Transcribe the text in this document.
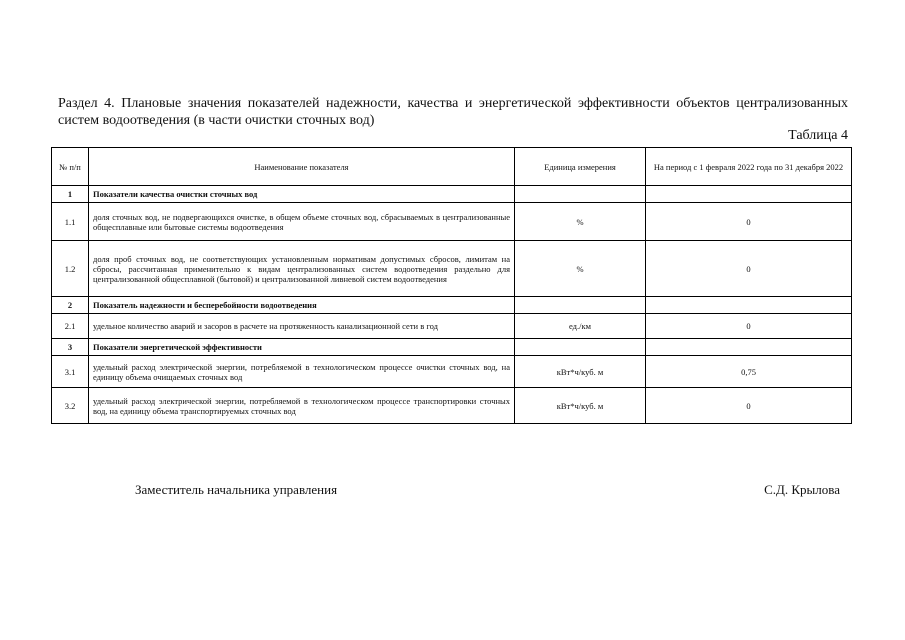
Раздел 4. Плановые значения показателей надежности, качества и энергетической эффективности объектов централизованных систем водоотведения (в части очистки сточных вод)
Таблица 4
№ п/п	Наименование показателя	Единица измерения	На период с 1 февраля 2022 года по 31 декабря 2022
1	Показатели качества очистки сточных вод		
1.1	доля сточных вод, не подвергающихся очистке, в общем объеме сточных вод, сбрасываемых в централизованные общесплавные или бытовые системы водоотведения	%	0
1.2	доля проб сточных вод, не соответствующих установленным нормативам допустимых сбросов, лимитам на сбросы, рассчитанная применительно к видам централизованных систем водоотведения раздельно для централизованной общесплавной (бытовой) и централизованной ливневой систем водоотведения	%	0
2	Показатель надежности и бесперебойности водоотведения		
2.1	удельное количество аварий и засоров в расчете на протяженность канализационной сети в год	ед./км	0
3	Показатели энергетической эффективности		
3.1	удельный расход электрической энергии, потребляемой в технологическом процессе очистки сточных вод, на единицу объема очищаемых сточных вод	кВт*ч/куб. м	0,75
3.2	удельный расход электрической энергии, потребляемой в технологическом процессе транспортировки сточных вод, на единицу объема транспортируемых сточных вод	кВт*ч/куб. м	0
Заместитель начальника управления	С.Д. Крылова
